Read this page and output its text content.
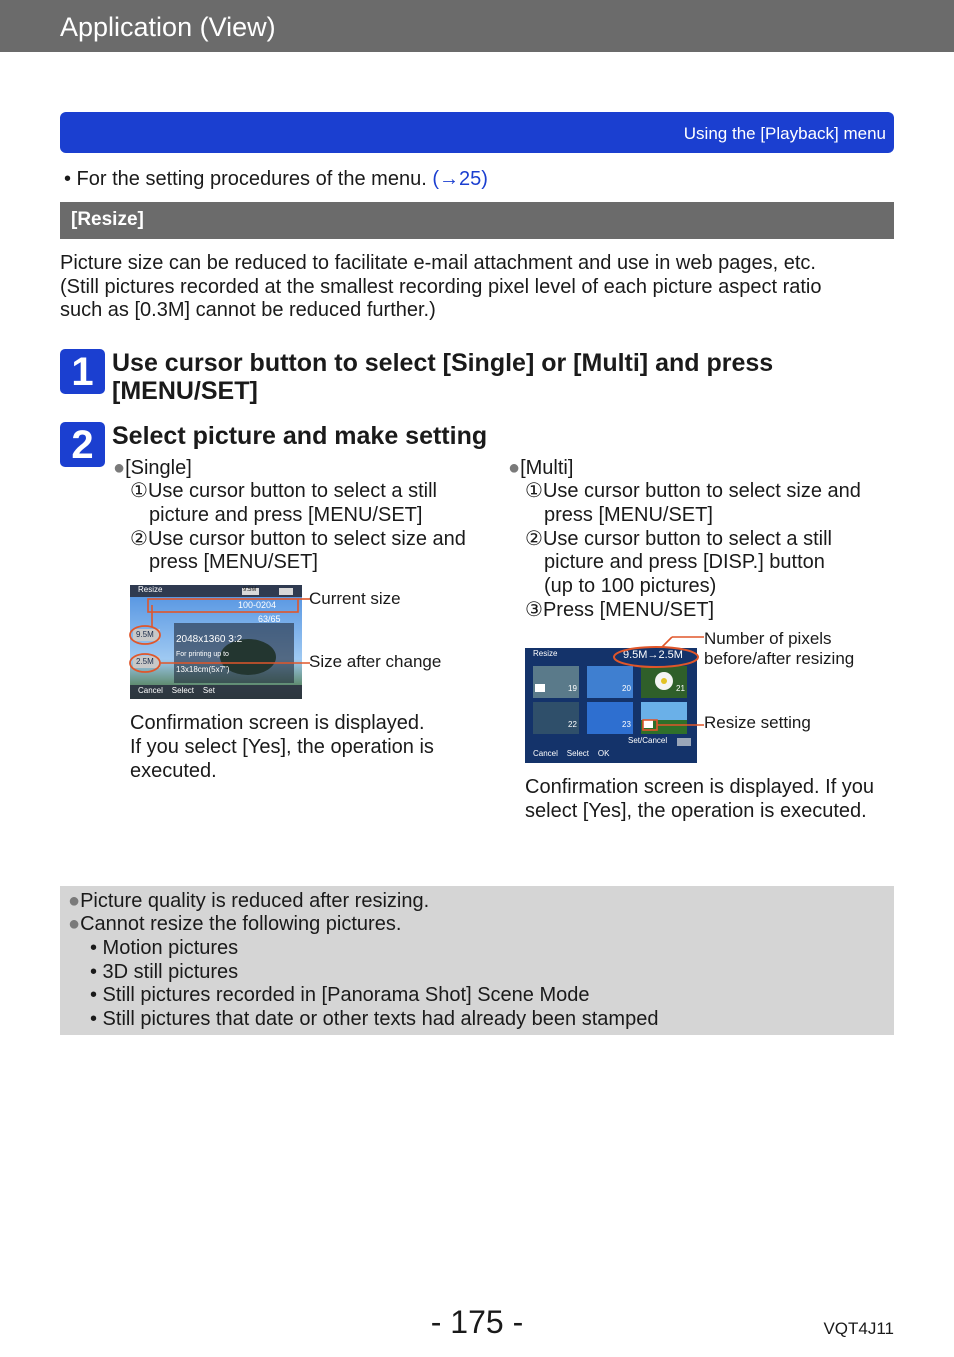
Application (View)
Using the [Playback] menu
• For the setting procedures of the menu. (→25)
[Resize]
Picture size can be reduced to facilitate e-mail attachment and use in web pages, etc.
(Still pictures recorded at the smallest recording pixel level of each picture aspect ratio
such as [0.3M] cannot be reduced further.)
1 Use cursor button to select [Single] or [Multi] and press
[MENU/SET]
2 Select picture and make setting
●[Single]
①Use cursor button to select a still
picture and press [MENU/SET]
②Use cursor button to select size and
press [MENU/SET]
Resize	9.5M
100-0204
63/65
9.5M 2048x1360 3:2
For printing up to
2.5M
13x18cm(5x7")
Cancel    Select    Set
Current size
Size after change
Confirmation screen is displayed.
If you select [Yes], the operation is
executed.
●[Multi]
①Use cursor button to select size and
press [MENU/SET]
②Use cursor button to select a still
picture and press [DISP.] button
(up to 100 pictures)
③Press [MENU/SET]
Resize	9.5M→2.5M
19	20	21
22	23
Set/Cancel
Cancel    Select    OK
Number of pixels
before/after resizing
Resize setting
Confirmation screen is displayed. If you
select [Yes], the operation is executed.
●Picture quality is reduced after resizing.
●Cannot resize the following pictures.
• Motion pictures
• 3D still pictures
• Still pictures recorded in [Panorama Shot] Scene Mode
• Still pictures that date or other texts had already been stamped
- 175 -	VQT4J11
